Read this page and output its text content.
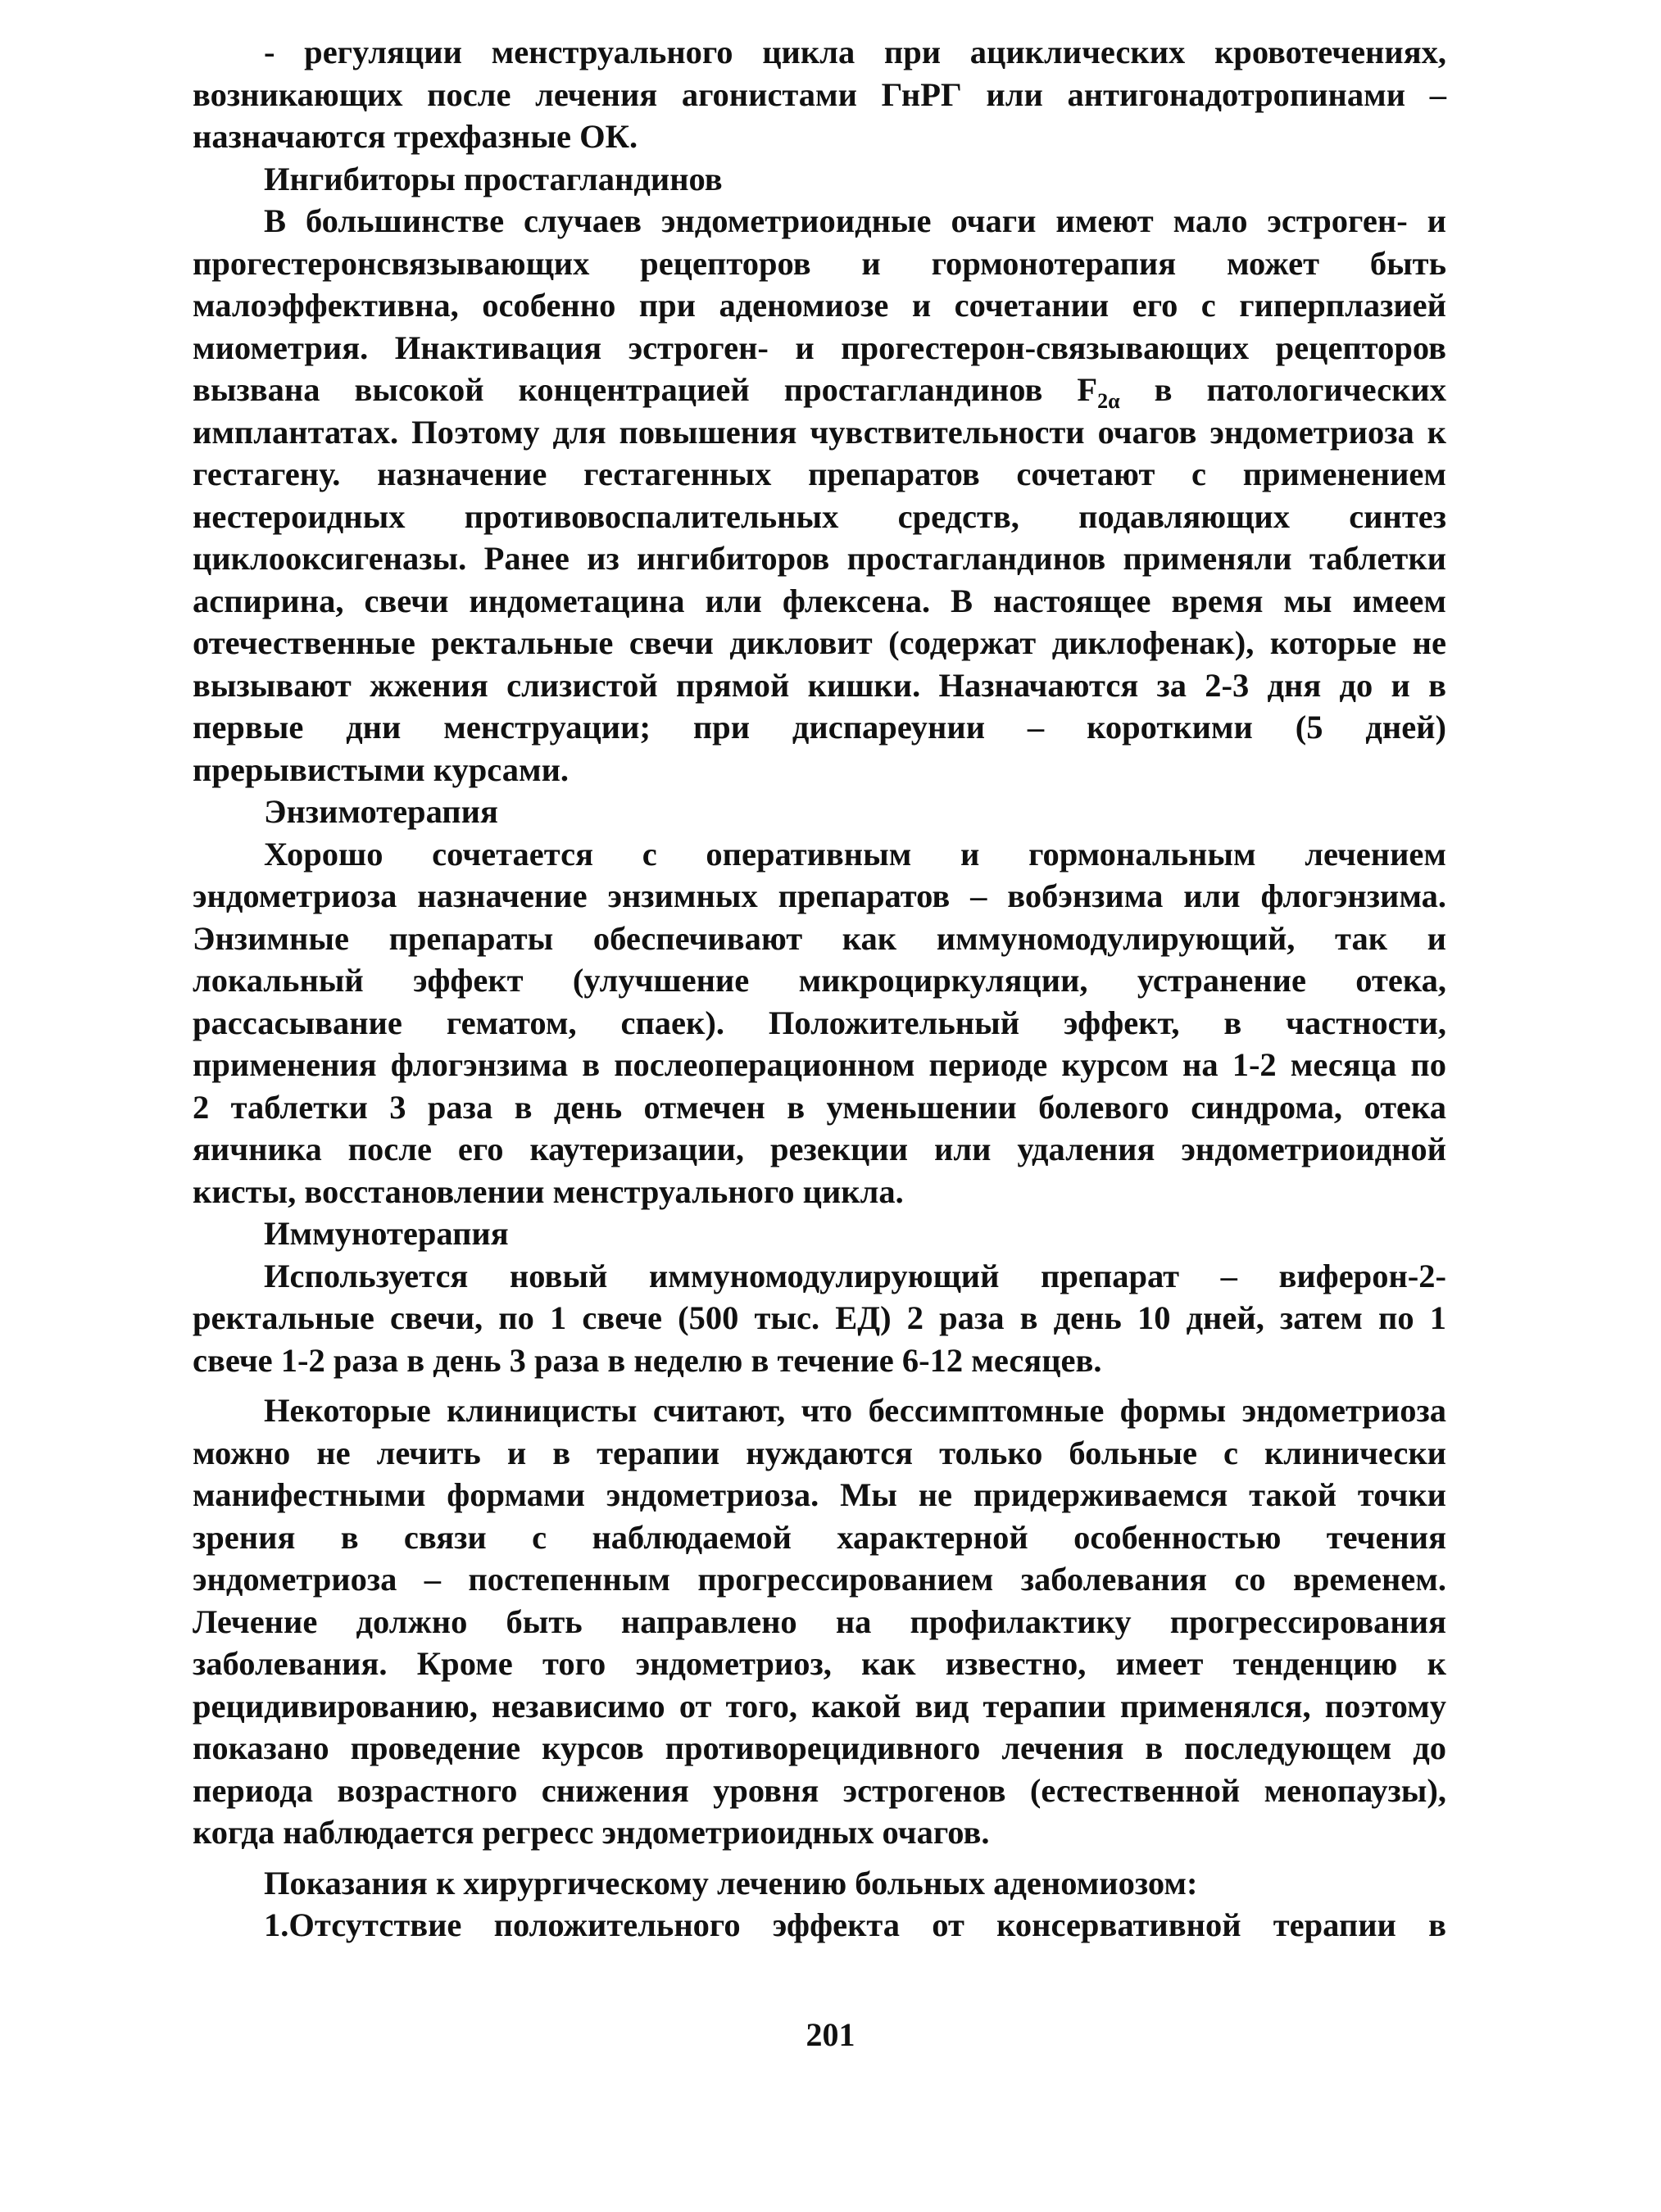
- регуляции менструального цикла при ациклических кровотечениях,
возникающих после лечения агонистами ГнРГ или антигонадотропинами –
назначаются трехфазные ОК.
Ингибиторы простагландинов
В большинстве случаев эндометриоидные очаги имеют мало эстроген- и
прогестеронсвязывающих рецепторов и гормонотерапия может быть
малоэффективна, особенно при аденомиозе и сочетании его с гиперплазией
миометрия. Инактивация эстроген- и прогестерон-связывающих рецепторов
вызвана высокой концентрацией простагландинов $F_{2\alpha}$ в патологических
имплантатах. Поэтому для повышения чувствительности очагов эндометриоза к
гестагену. назначение гестагенных препаратов сочетают с применением
нестероидных противовоспалительных средств, подавляющих синтез
циклооксигеназы. Ранее из ингибиторов простагландинов применяли таблетки
аспирина, свечи индометацина или флексена. В настоящее время мы имеем
отечественные ректальные свечи дикловит (содержат диклофенак), которые не
вызывают жжения слизистой прямой кишки. Назначаются за 2-3 дня до и в
первые дни менструации; при диспареунии – короткими (5 дней)
прерывистыми курсами.
Энзимотерапия
Хорошо сочетается с оперативным и гормональным лечением
эндометриоза назначение энзимных препаратов – вобэнзима или флогэнзима.
Энзимные препараты обеспечивают как иммуномодулирующий, так и
локальный эффект (улучшение микроциркуляции, устранение отека,
рассасывание гематом, спаек). Положительный эффект, в частности,
применения флогэнзима в послеоперационном периоде курсом на 1-2 месяца по
2 таблетки 3 раза в день отмечен в уменьшении болевого синдрома, отека
яичника после его каутеризации, резекции или удаления эндометриоидной
кисты, восстановлении менструального цикла.
Иммунотерапия
Используется новый иммуномодулирующий препарат – виферон-2-
ректальные свечи, по 1 свече (500 тыс. ЕД) 2 раза в день 10 дней, затем по 1
свече 1-2 раза в день 3 раза в неделю в течение 6-12 месяцев.
Некоторые клиницисты считают, что бессимптомные формы эндометриоза
можно не лечить и в терапии нуждаются только больные с клинически
манифестными формами эндометриоза. Мы не придерживаемся такой точки
зрения в связи с наблюдаемой характерной особенностью течения
эндометриоза – постепенным прогрессированием заболевания со временем.
Лечение должно быть направлено на профилактику прогрессирования
заболевания. Кроме того эндометриоз, как известно, имеет тенденцию к
рецидивированию, независимо от того, какой вид терапии применялся, поэтому
показано проведение курсов противорецидивного лечения в последующем до
периода возрастного снижения уровня эстрогенов (естественной менопаузы),
когда наблюдается регресс эндометриоидных очагов.
Показания к хирургическому лечению больных аденомиозом:
1.Отсутствие положительного эффекта от консервативной терапии в
201
